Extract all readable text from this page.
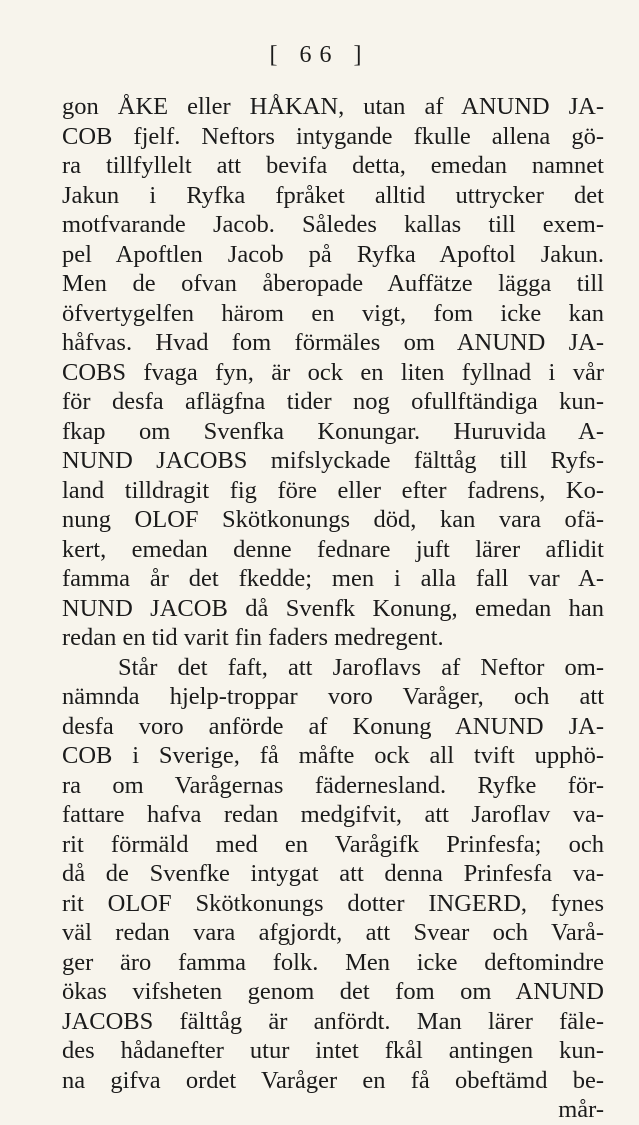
[ 66 ]
gon ÅKE eller HÅKAN, utan af ANUND JA-
COB fjelf. Neftors intygande fkulle allena gö-
ra tillfyllelt att bevifa detta, emedan namnet
Jakun i Ryfka fpråket alltid uttrycker det
motfvarande Jacob. Således kallas till exem-
pel Apoftlen Jacob på Ryfka Apoftol Jakun.
Men de ofvan åberopade Auffätze lägga till
öfvertygelfen härom en vigt, fom icke kan
håfvas. Hvad fom förmäles om ANUND JA-
COBS fvaga fyn, är ock en liten fyllnad i vår
för desfa aflägfna tider nog ofullftändiga kun-
fkap om Svenfka Konungar. Huruvida A-
NUND JACOBS mifslyckade fälttåg till Ryfs-
land tilldragit fig före eller efter fadrens, Ko-
nung OLOF Skötkonungs död, kan vara ofä-
kert, emedan denne fednare juft lärer aflidit
famma år det fkedde; men i alla fall var A-
NUND JACOB då Svenfk Konung, emedan han
redan en tid varit fin faders medregent.
Står det faft, att Jaroflavs af Neftor om-
nämnda hjelp-troppar voro Varåger, och att
desfa voro anförde af Konung ANUND JA-
COB i Sverige, få måfte ock all tvift upphö-
ra om Varågernas fädernesland. Ryfke för-
fattare hafva redan medgifvit, att Jaroflav va-
rit förmäld med en Varågifk Prinfesfa; och
då de Svenfke intygat att denna Prinfesfa va-
rit OLOF Skötkonungs dotter INGERD, fynes
väl redan vara afgjordt, att Svear och Varå-
ger äro famma folk. Men icke deftomindre
ökas vifsheten genom det fom om ANUND
JACOBS fälttåg är anfördt. Man lärer fäle-
des hådanefter utur intet fkål antingen kun-
na gifva ordet Varåger en få obeftämd be-
mår-
